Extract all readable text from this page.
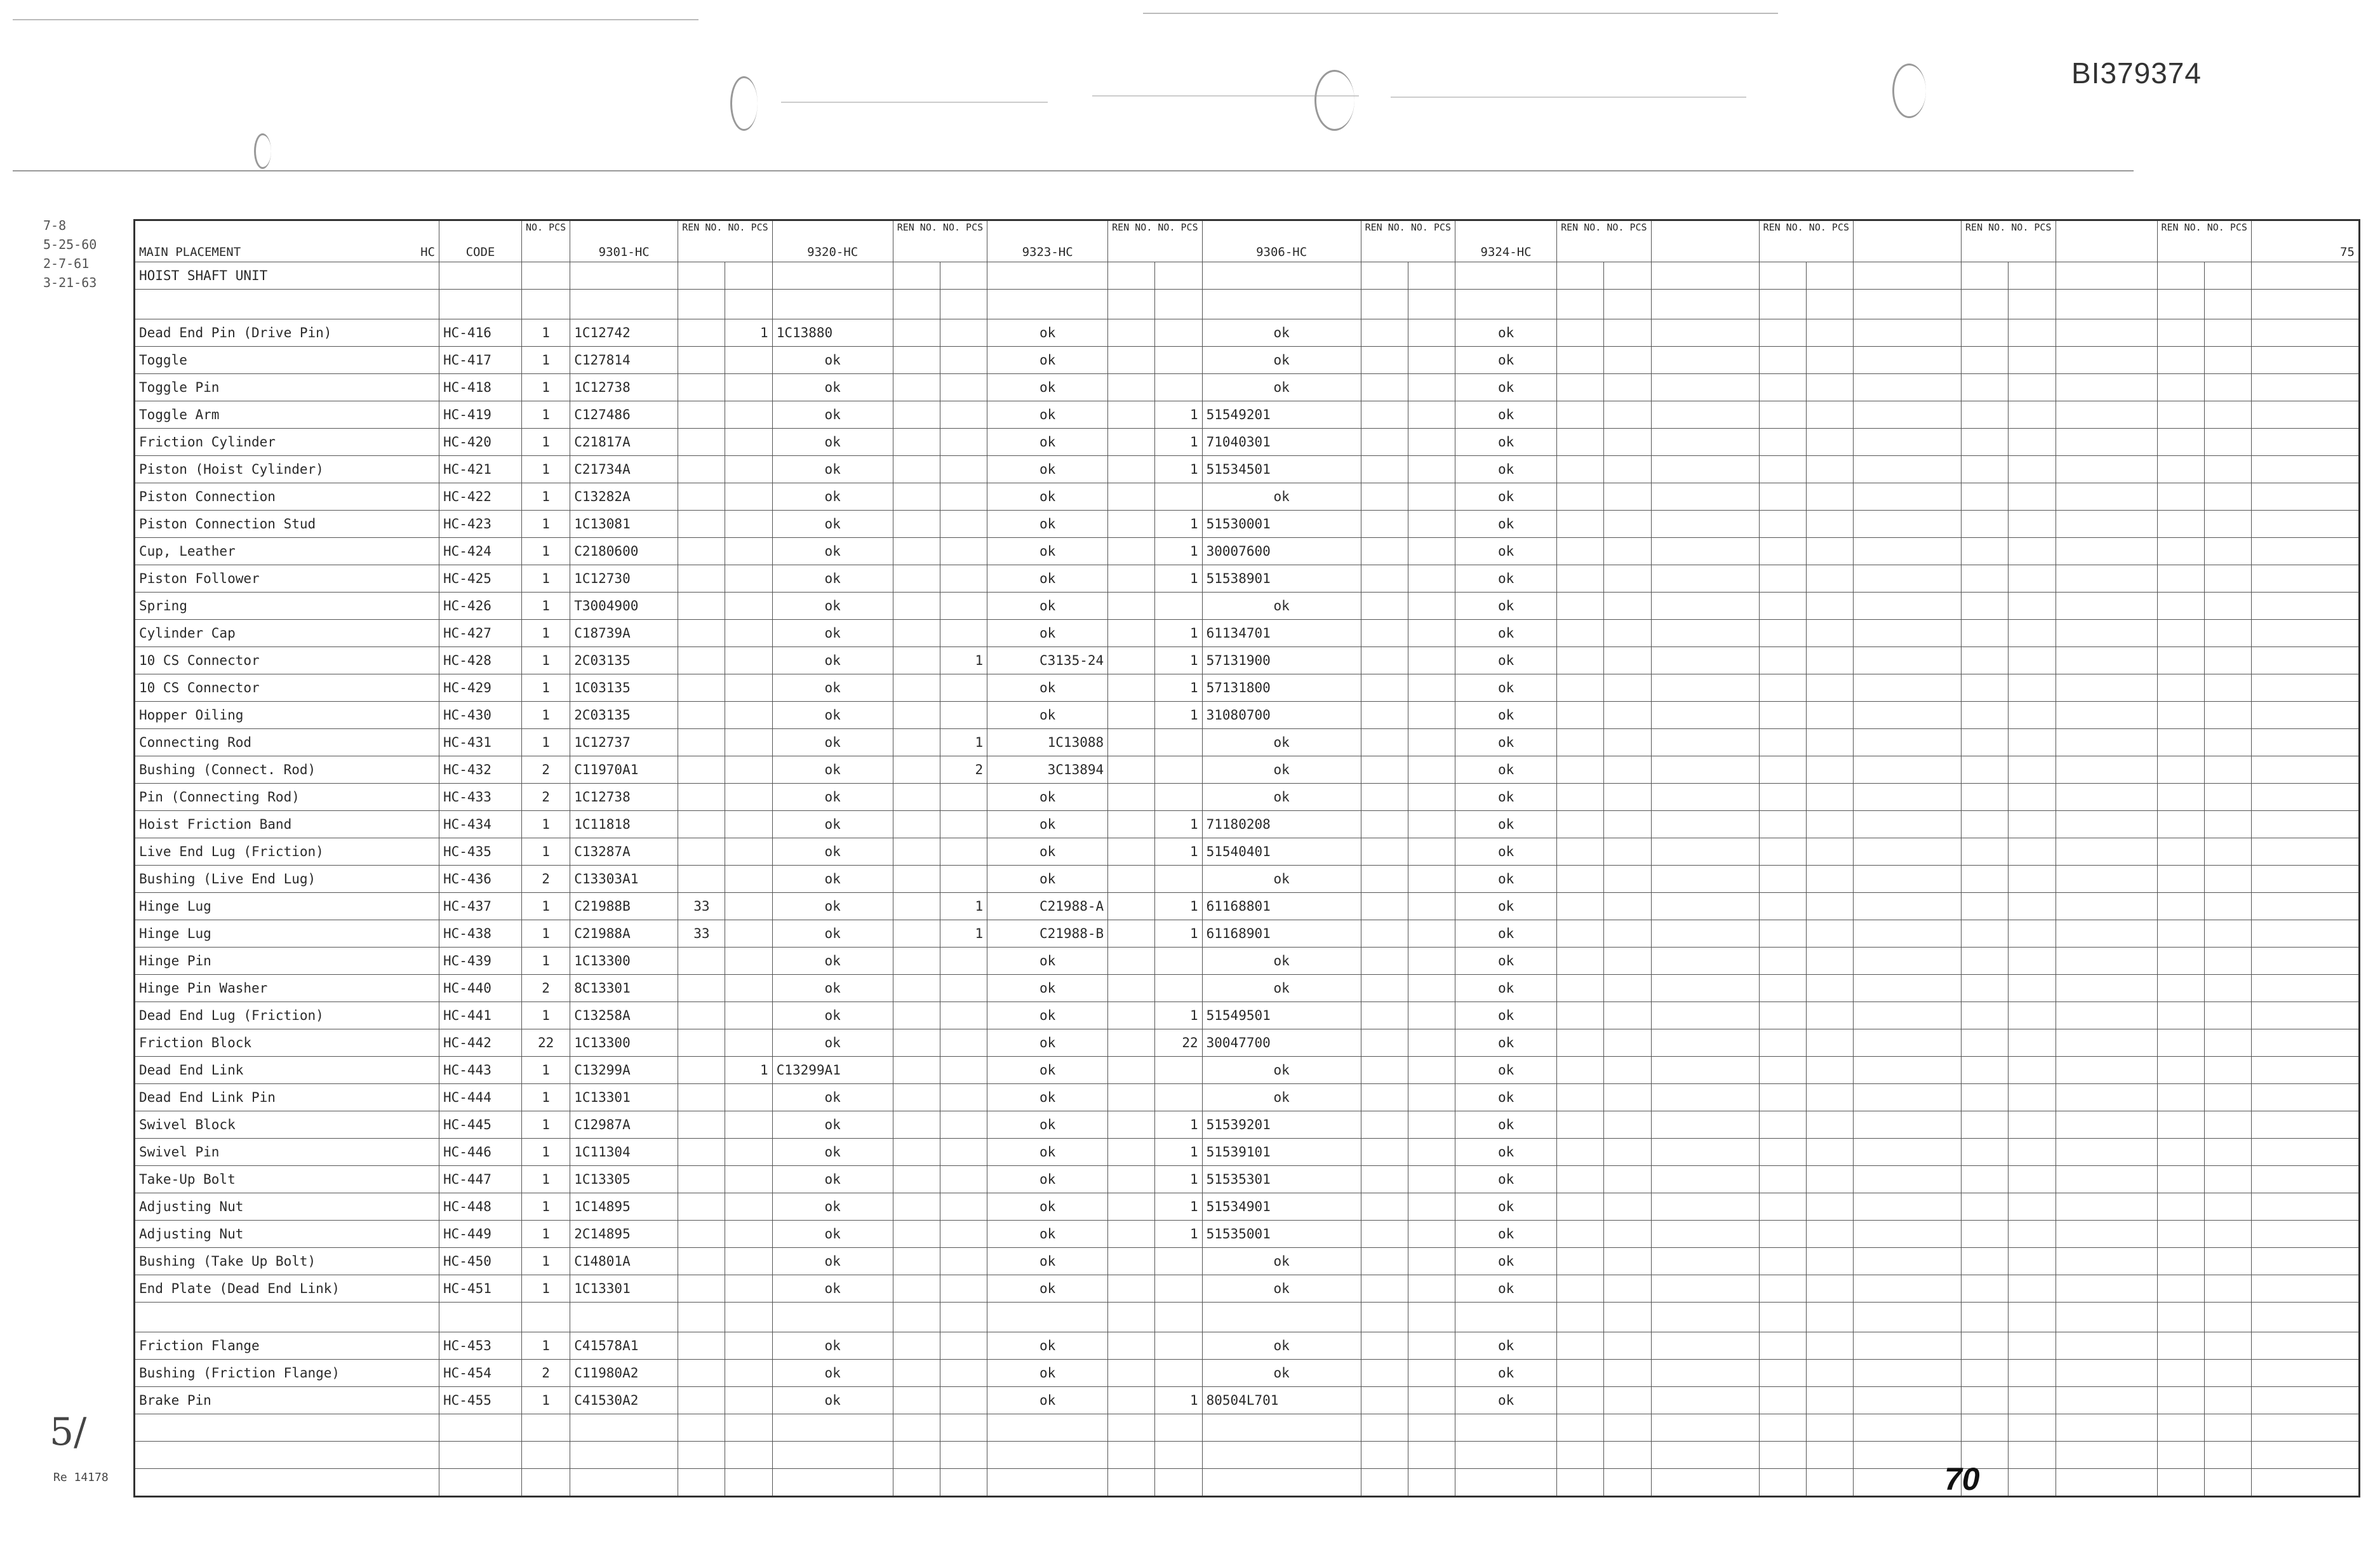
BI379374
7-8
5-25-60
2-7-61
3-21-63
MAIN PLACEMENT HC	CODE	NO. PCS	9301-HC	REN NO. NO. PCS		9320-HC	REN NO. NO. PCS		9323-HC	REN NO. NO. PCS		9306-HC	REN NO. NO. PCS		9324-HC	REN NO. NO. PCS			REN NO. NO. PCS			REN NO. NO. PCS			REN NO. NO. PCS		75
HOIST SHAFT UNIT																											

Dead End Pin (Drive Pin)	HC-416	1	1C12742		1	1C13880			ok			ok			ok												
Toggle	HC-417	1	C127814			ok			ok			ok			ok												
Toggle Pin	HC-418	1	1C12738			ok			ok			ok			ok												
Toggle Arm	HC-419	1	C127486			ok			ok		1	51549201			ok												
Friction Cylinder	HC-420	1	C21817A			ok			ok		1	71040301			ok												
Piston (Hoist Cylinder)	HC-421	1	C21734A			ok			ok		1	51534501			ok												
Piston Connection	HC-422	1	C13282A			ok			ok			ok			ok												
Piston Connection Stud	HC-423	1	1C13081			ok			ok		1	51530001			ok												
Cup, Leather	HC-424	1	C2180600			ok			ok		1	30007600			ok												
Piston Follower	HC-425	1	1C12730			ok			ok		1	51538901			ok												
Spring	HC-426	1	T3004900			ok			ok			ok			ok												
Cylinder Cap	HC-427	1	C18739A			ok			ok		1	61134701			ok												
10 CS Connector	HC-428	1	2C03135			ok		1	C3135-24		1	57131900			ok												
10 CS Connector	HC-429	1	1C03135			ok			ok		1	57131800			ok												
Hopper Oiling	HC-430	1	2C03135			ok			ok		1	31080700			ok												
Connecting Rod	HC-431	1	1C12737			ok		1	1C13088			ok			ok												
Bushing (Connect. Rod)	HC-432	2	C11970A1			ok		2	3C13894			ok			ok												
Pin (Connecting Rod)	HC-433	2	1C12738			ok			ok			ok			ok												
Hoist Friction Band	HC-434	1	1C11818			ok			ok		1	71180208			ok												
Live End Lug (Friction)	HC-435	1	C13287A			ok			ok		1	51540401			ok												
Bushing (Live End Lug)	HC-436	2	C13303A1			ok			ok			ok			ok												
Hinge Lug	HC-437	1	C21988B	33		ok		1	C21988-A		1	61168801			ok												
Hinge Lug	HC-438	1	C21988A	33		ok		1	C21988-B		1	61168901			ok												
Hinge Pin	HC-439	1	1C13300			ok			ok			ok			ok												
Hinge Pin Washer	HC-440	2	8C13301			ok			ok			ok			ok												
Dead End Lug (Friction)	HC-441	1	C13258A			ok			ok		1	51549501			ok												
Friction Block	HC-442	22	1C13300			ok			ok		22	30047700			ok												
Dead End Link	HC-443	1	C13299A		1	C13299A1			ok			ok			ok												
Dead End Link Pin	HC-444	1	1C13301			ok			ok			ok			ok												
Swivel Block	HC-445	1	C12987A			ok			ok		1	51539201			ok												
Swivel Pin	HC-446	1	1C11304			ok			ok		1	51539101			ok												
Take-Up Bolt	HC-447	1	1C13305			ok			ok		1	51535301			ok												
Adjusting Nut	HC-448	1	1C14895			ok			ok		1	51534901			ok												
Adjusting Nut	HC-449	1	2C14895			ok			ok		1	51535001			ok												
Bushing (Take Up Bolt)	HC-450	1	C14801A			ok			ok			ok			ok												
End Plate (Dead End Link)	HC-451	1	1C13301			ok			ok			ok			ok												

Friction Flange	HC-453	1	C41578A1			ok			ok			ok			ok												
Bushing (Friction Flange)	HC-454	2	C11980A2			ok			ok			ok			ok												
Brake Pin	HC-455	1	C41530A2			ok			ok		1	80504L701			ok												

5/
Re 14178	70
